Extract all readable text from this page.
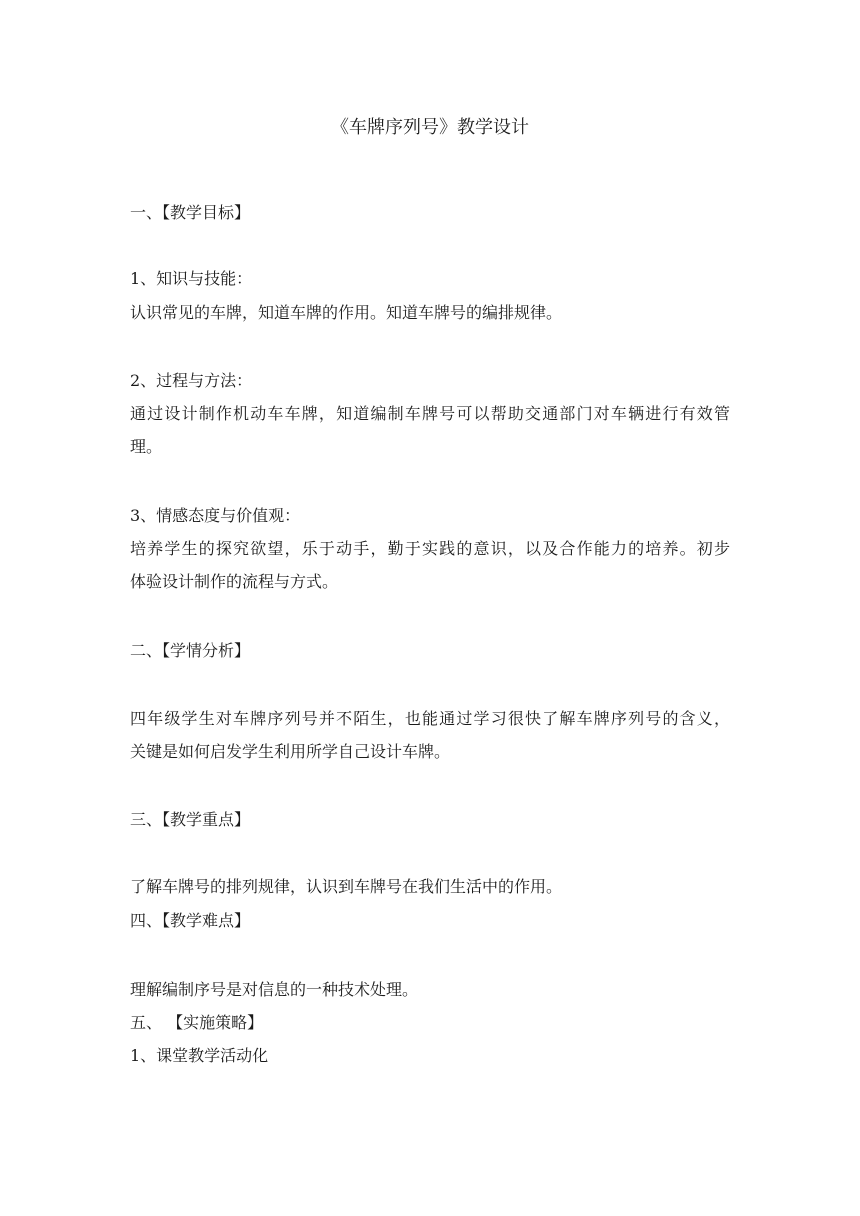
《车牌序列号》教学设计

一、【教学目标】

1、知识与技能：

认识常见的车牌，知道车牌的作用。知道车牌号的编排规律。

2、过程与方法：

通过设计制作机动车车牌，知道编制车牌号可以帮助交通部门对车辆进行有效管

理。

3、情感态度与价值观：

培养学生的探究欲望，乐于动手，勤于实践的意识，以及合作能力的培养。初步

体验设计制作的流程与方式。

二、【学情分析】

四年级学生对车牌序列号并不陌生，也能通过学习很快了解车牌序列号的含义，

关键是如何启发学生利用所学自己设计车牌。

三、【教学重点】

了解车牌号的排列规律，认识到车牌号在我们生活中的作用。

四、【教学难点】

理解编制序号是对信息的一种技术处理。

五、 【实施策略】

1、课堂教学活动化
